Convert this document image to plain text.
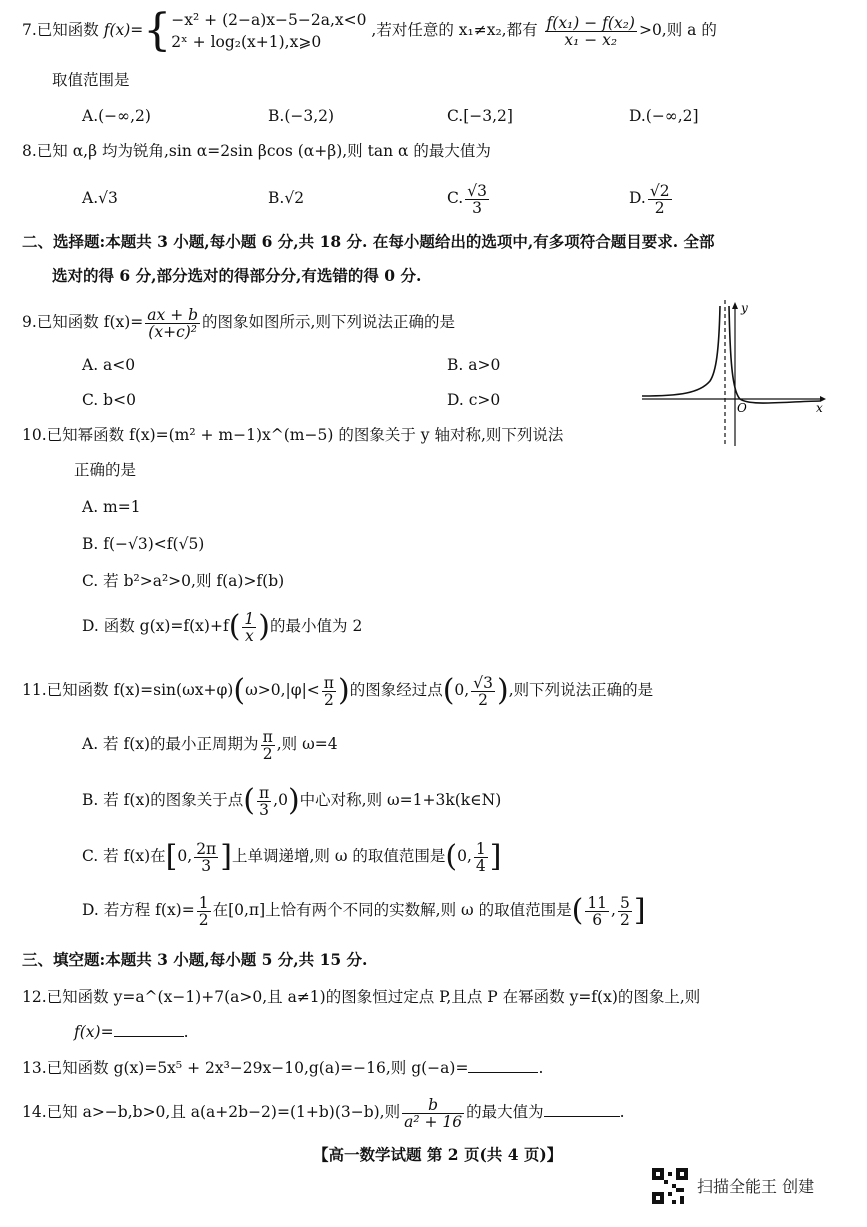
7.已知函数 f(x)={ −x² + (2−a)x−5−2a,x<0
2ˣ + log₂(x+1),x⩾0
,若对任意的 x₁≠x₂,都有 $\frac{\text{f(x₁) − f(x₂)}}{\text{x₁ − x₂}} >0$,则 a 的
取值范围是
A.(−∞,2)	B.(−3,2)	C.[−3,2]	D.(−∞,2]
8.已知 α,β 均为锐角,sin α=2sin βcos (α+β),则 tan α 的最大值为
A.√3	B.√2	C. $\frac{√3}{3}$	D. $\frac{√2}{2}$
二、选择题:本题共 3 小题,每小题 6 分,共 18 分. 在每小题给出的选项中,有多项符合题目要求. 全部
选对的得 6 分,部分选对的得部分分,有选错的得 0 分.
9.已知函数 $f(x)= \frac{ax + b}{\text{(x+c)²}}$ 的图象如图所示,则下列说法正确的是
A. a<0	B. a>0
C. b<0	D. c>0
y
x
O
10.已知幂函数 f(x)=(m² + m−1)x^(m−5) 的图象关于 y 轴对称,则下列说法
正确的是
A. m=1
B. f(−√3)<f(√5)
C. 若 b²>a²>0,则 f(a)>f(b)
D. 函数 $g(x)=f(x)+f( \frac{1}{x}$ )的最小值为 2
11.已知函数 $f(x)=\sin(\omega x+\varphi)(\omega>0,|\varphi|< \frac{\pi}{2}$ )的图象经过点(0, $\frac{√3}{2}$ ),则下列说法正确的是
A. 若 f(x)的最小正周期为 $\frac{\pi}{2}$ ,则 ω=4
B. 若 f(x)的图象关于点( $\frac{\pi}{3} ,0$)中心对称,则 ω=1+3k(k∈N)
C. 若 f(x)在[0, $\frac{2\pi}{3}$ ]上单调递增,则 ω 的取值范围是(0, $\frac{1}{4}$ ]
D. 若方程 $f(x)= \frac{1}{2}$ 在[0,π]上恰有两个不同的实数解,则 ω 的取值范围是( $\frac{11}{6}$ , $\frac{5}{2}$ ]
三、填空题:本题共 3 小题,每小题 5 分,共 15 分.
12.已知函数 y=a^(x−1)+7(a>0,且 a≠1)的图象恒过定点 P,且点 P 在幂函数 y=f(x)的图象上,则
f(x)=	.
13.已知函数 g(x)=5x⁵ + 2x³−29x−10,g(a)=−16,则 g(−a)=	.
14.已知 a>−b,b>0,且 a(a+2b−2)=(1+b)(3−b),则 $\frac{b}{\text{a² + 16}}$ 的最大值为	.
【高一数学试题 第 2 页(共 4 页)】
扫描全能王 创建
